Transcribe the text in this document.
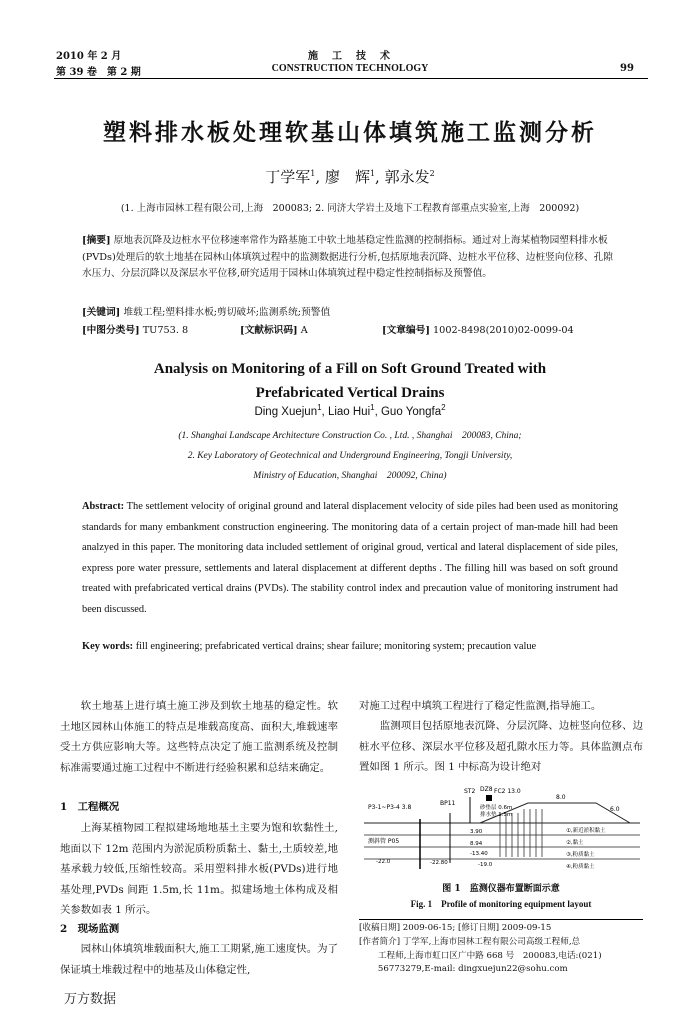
2010 年 2 月
第 39 卷　第 2 期
施　工　技　术
CONSTRUCTION TECHNOLOGY	99
塑料排水板处理软基山体填筑施工监测分析
丁学军$^1$, 廖　辉$^1$, 郭永发$^2$
(1. 上海市园林工程有限公司,上海　200083; 2. 同济大学岩土及地下工程教育部重点实验室,上海　200092)
[摘要] 原地表沉降及边桩水平位移速率常作为路基施工中软土地基稳定性监测的控制指标。通过对上海某植物园塑料排水板(PVDs)处理后的软土地基在园林山体填筑过程中的监测数据进行分析,包括原地表沉降、边桩水平位移、边桩竖向位移、孔隙水压力、分层沉降以及深层水平位移,研究适用于园林山体填筑过程中稳定性控制指标及预警值。
[关键词] 堆载工程;塑料排水板;剪切破坏;监测系统;预警值
[中图分类号] TU753. 8	[文献标识码] A	[文章编号] 1002-8498(2010)02-0099-04
Analysis on Monitoring of a Fill on Soft Ground Treated with
Prefabricated Vertical Drains
Ding Xuejun$^1$, Liao Hui$^1$, Guo Yongfa$^2$
(1. Shanghai Landscape Architecture Construction Co. , Ltd. , Shanghai　200083, China;
2. Key Laboratory of Geotechnical and Underground Engineering, Tongji University,
Ministry of Education, Shanghai　200092, China)
Abstract: The settlement velocity of original ground and lateral displacement velocity of side piles had been used as monitoring standards for many embankment construction engineering. The monitoring data of a certain project of man-made hill had been analzyed in this paper. The monitoring data included settlement of original groud, vertical and lateral displacement of side piles, express pore water pressure, settlements and lateral displacement at different depths . The filling hill was based on soft ground treated with prefabricated vertical drains (PVDs). The stability control index and precaution value of monitoring instrument had been discussed.
Key words: fill engineering; prefabricated vertical drains; shear failure; monitoring system; precaution value
软土地基上进行填土施工涉及到软土地基的稳定性。软土地区园林山体施工的特点是堆载高度高、面积大,堆载速率受土方供应影响大等。这些特点决定了施工监测系统及控制标准需要通过施工过程中不断进行经验积累和总结来确定。
1　工程概况
上海某植物园工程拟建场地地基土主要为饱和软黏性土,地面以下 12m 范围内为淤泥质粉质黏土、黏土,土质较差,地基承载力较低,压缩性较高。采用塑料排水板(PVDs)进行地基处理,PVDs 间距 1.5m,长 11m。拟建场地土体构成及相关参数如表 1 所示。
2　现场监测
园林山体填筑堆载面积大,施工工期紧,施工速度快。为了保证填土堆载过程中的地基及山体稳定性,
对施工过程中填筑工程进行了稳定性监测,指导施工。
监测项目包括原地表沉降、分层沉降、边桩竖向位移、边桩水平位移、深层水平位移及超孔隙水压力等。具体监测点布置如图 1 所示。图 1 中标高为设计绝对
ST2 DZ8 FC2 13.0
P3-1~P3-4 3.8
BP11
砂垫层 0.6m
排水垫 1.5m
8.0
6.0
①,新近淤积黏土
②,黏土
③,粉质黏土
④,粉质黏土
测斜管 P05
3.90
8.94
-13.40
-19.0
-22.0	-22.80
图 1　监测仪器布置断面示意
Fig. 1　Profile of monitoring equipment layout
[收稿日期] 2009-06-15; [修订日期] 2009-09-15
[作者简介] 丁学军,上海市园林工程有限公司高级工程师,总
工程师,上海市虹口区广中路 668 号　200083,电话:(021)
56773279,E-mail: dingxuejun22@sohu.com
万方数据
